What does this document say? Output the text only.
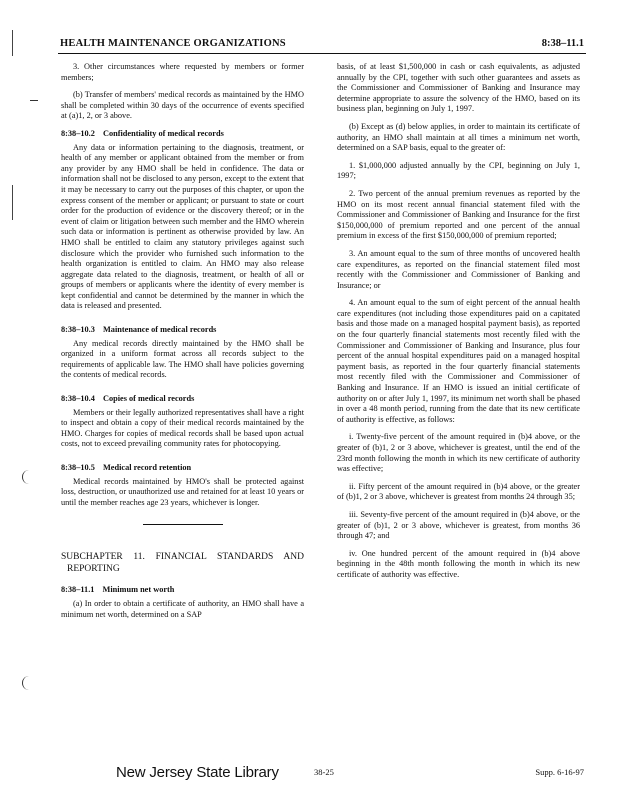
HEALTH MAINTENANCE ORGANIZATIONS	8:38–11.1

3. Other circumstances where requested by members or former members;

(b) Transfer of members' medical records as maintained by the HMO shall be completed within 30 days of the occurrence of events specified at (a)1, 2, or 3 above.

8:38–10.2 Confidentiality of medical records

Any data or information pertaining to the diagnosis, treatment, or health of any member or applicant obtained from the member or from any provider by any HMO shall be held in confidence. The data or information shall not be disclosed to any person, except to the extent that it may be necessary to carry out the purposes of this chapter, or upon the express consent of the member or applicant; or pursuant to state or court order for the production of evidence or the discovery thereof; or in the event of claim or litigation between such member and the HMO wherein such data or information is pertinent as otherwise provided by law. An HMO shall be entitled to claim any statutory privileges against such disclosure which the provider who furnished such information to the health organization is entitled to claim. An HMO may also release aggregate data related to the diagnosis, treatment, or health of all or groups of members or applicants where the identity of every member is kept confidential and cannot be determined by the manner in which the data is released and presented.

8:38–10.3 Maintenance of medical records

Any medical records directly maintained by the HMO shall be organized in a uniform format across all records subject to the requirements of applicable law. The HMO shall have policies governing the contents of medical records.

8:38–10.4 Copies of medical records

Members or their legally authorized representatives shall have a right to inspect and obtain a copy of their medical records maintained by the HMO. Charges for copies of medical records shall be based upon actual costs, not to exceed prevailing community rates for photocopying.

8:38–10.5 Medical record retention

Medical records maintained by HMO's shall be protected against loss, destruction, or unauthorized use and retained for at least 10 years or until the member reaches age 23 years, whichever is longer.

SUBCHAPTER 11. FINANCIAL STANDARDS AND REPORTING
8:38–11.1 Minimum net worth

(a) In order to obtain a certificate of authority, an HMO shall have a minimum net worth, determined on a SAP

basis, of at least $1,500,000 in cash or cash equivalents, as adjusted annually by the CPI, together with such other guarantees and assets as the Commissioner and Commissioner of Banking and Insurance may determine appropriate to assure the solvency of the HMO, based on its business plan, beginning on July 1, 1997.

(b) Except as (d) below applies, in order to maintain its certificate of authority, an HMO shall maintain at all times a minimum net worth, determined on a SAP basis, equal to the greater of:

1. $1,000,000 adjusted annually by the CPI, beginning on July 1, 1997;

2. Two percent of the annual premium revenues as reported by the HMO on its most recent annual financial statement filed with the Commissioner and Commissioner of Banking and Insurance for the first $150,000,000 of premium reported and one percent of the annual premium in excess of the first $150,000,000 of premium reported;

3. An amount equal to the sum of three months of uncovered health care expenditures, as reported on the financial statement filed most recently with the Commissioner and Commissioner of Banking and Insurance; or

4. An amount equal to the sum of eight percent of the annual health care expenditures (not including those expenditures paid on a capitated basis and those made on a managed hospital payment basis), as reported on the four quarterly financial statements most recently filed with the Commissioner and Commissioner of Banking and Insurance, plus four percent of the annual hospital expenditures paid on a managed hospital payment basis, as reported in the four quarterly financial statements most recently filed with the Commissioner and Commissioner of Banking and Insurance. If an HMO is issued an initial certificate of authority on or after July 1, 1997, its minimum net worth shall be phased in over a 48 month period, running from the date that its new certificate of authority is effective, as follows:

i. Twenty-five percent of the amount required in (b)4 above, or the greater of (b)1, 2 or 3 above, whichever is greatest, until the end of the 23rd month following the month in which its new certificate of authority was effective;

ii. Fifty percent of the amount required in (b)4 above, or the greater of (b)1, 2 or 3 above, whichever is greatest from months 24 through 35;

iii. Seventy-five percent of the amount required in (b)4 above, or the greater of (b)1, 2 or 3 above, whichever is greatest, from months 36 through 47; and

iv. One hundred percent of the amount required in (b)4 above beginning in the 48th month following the month in which its new certificate of authority was effective.

New Jersey State Library	38-25	Supp. 6-16-97
